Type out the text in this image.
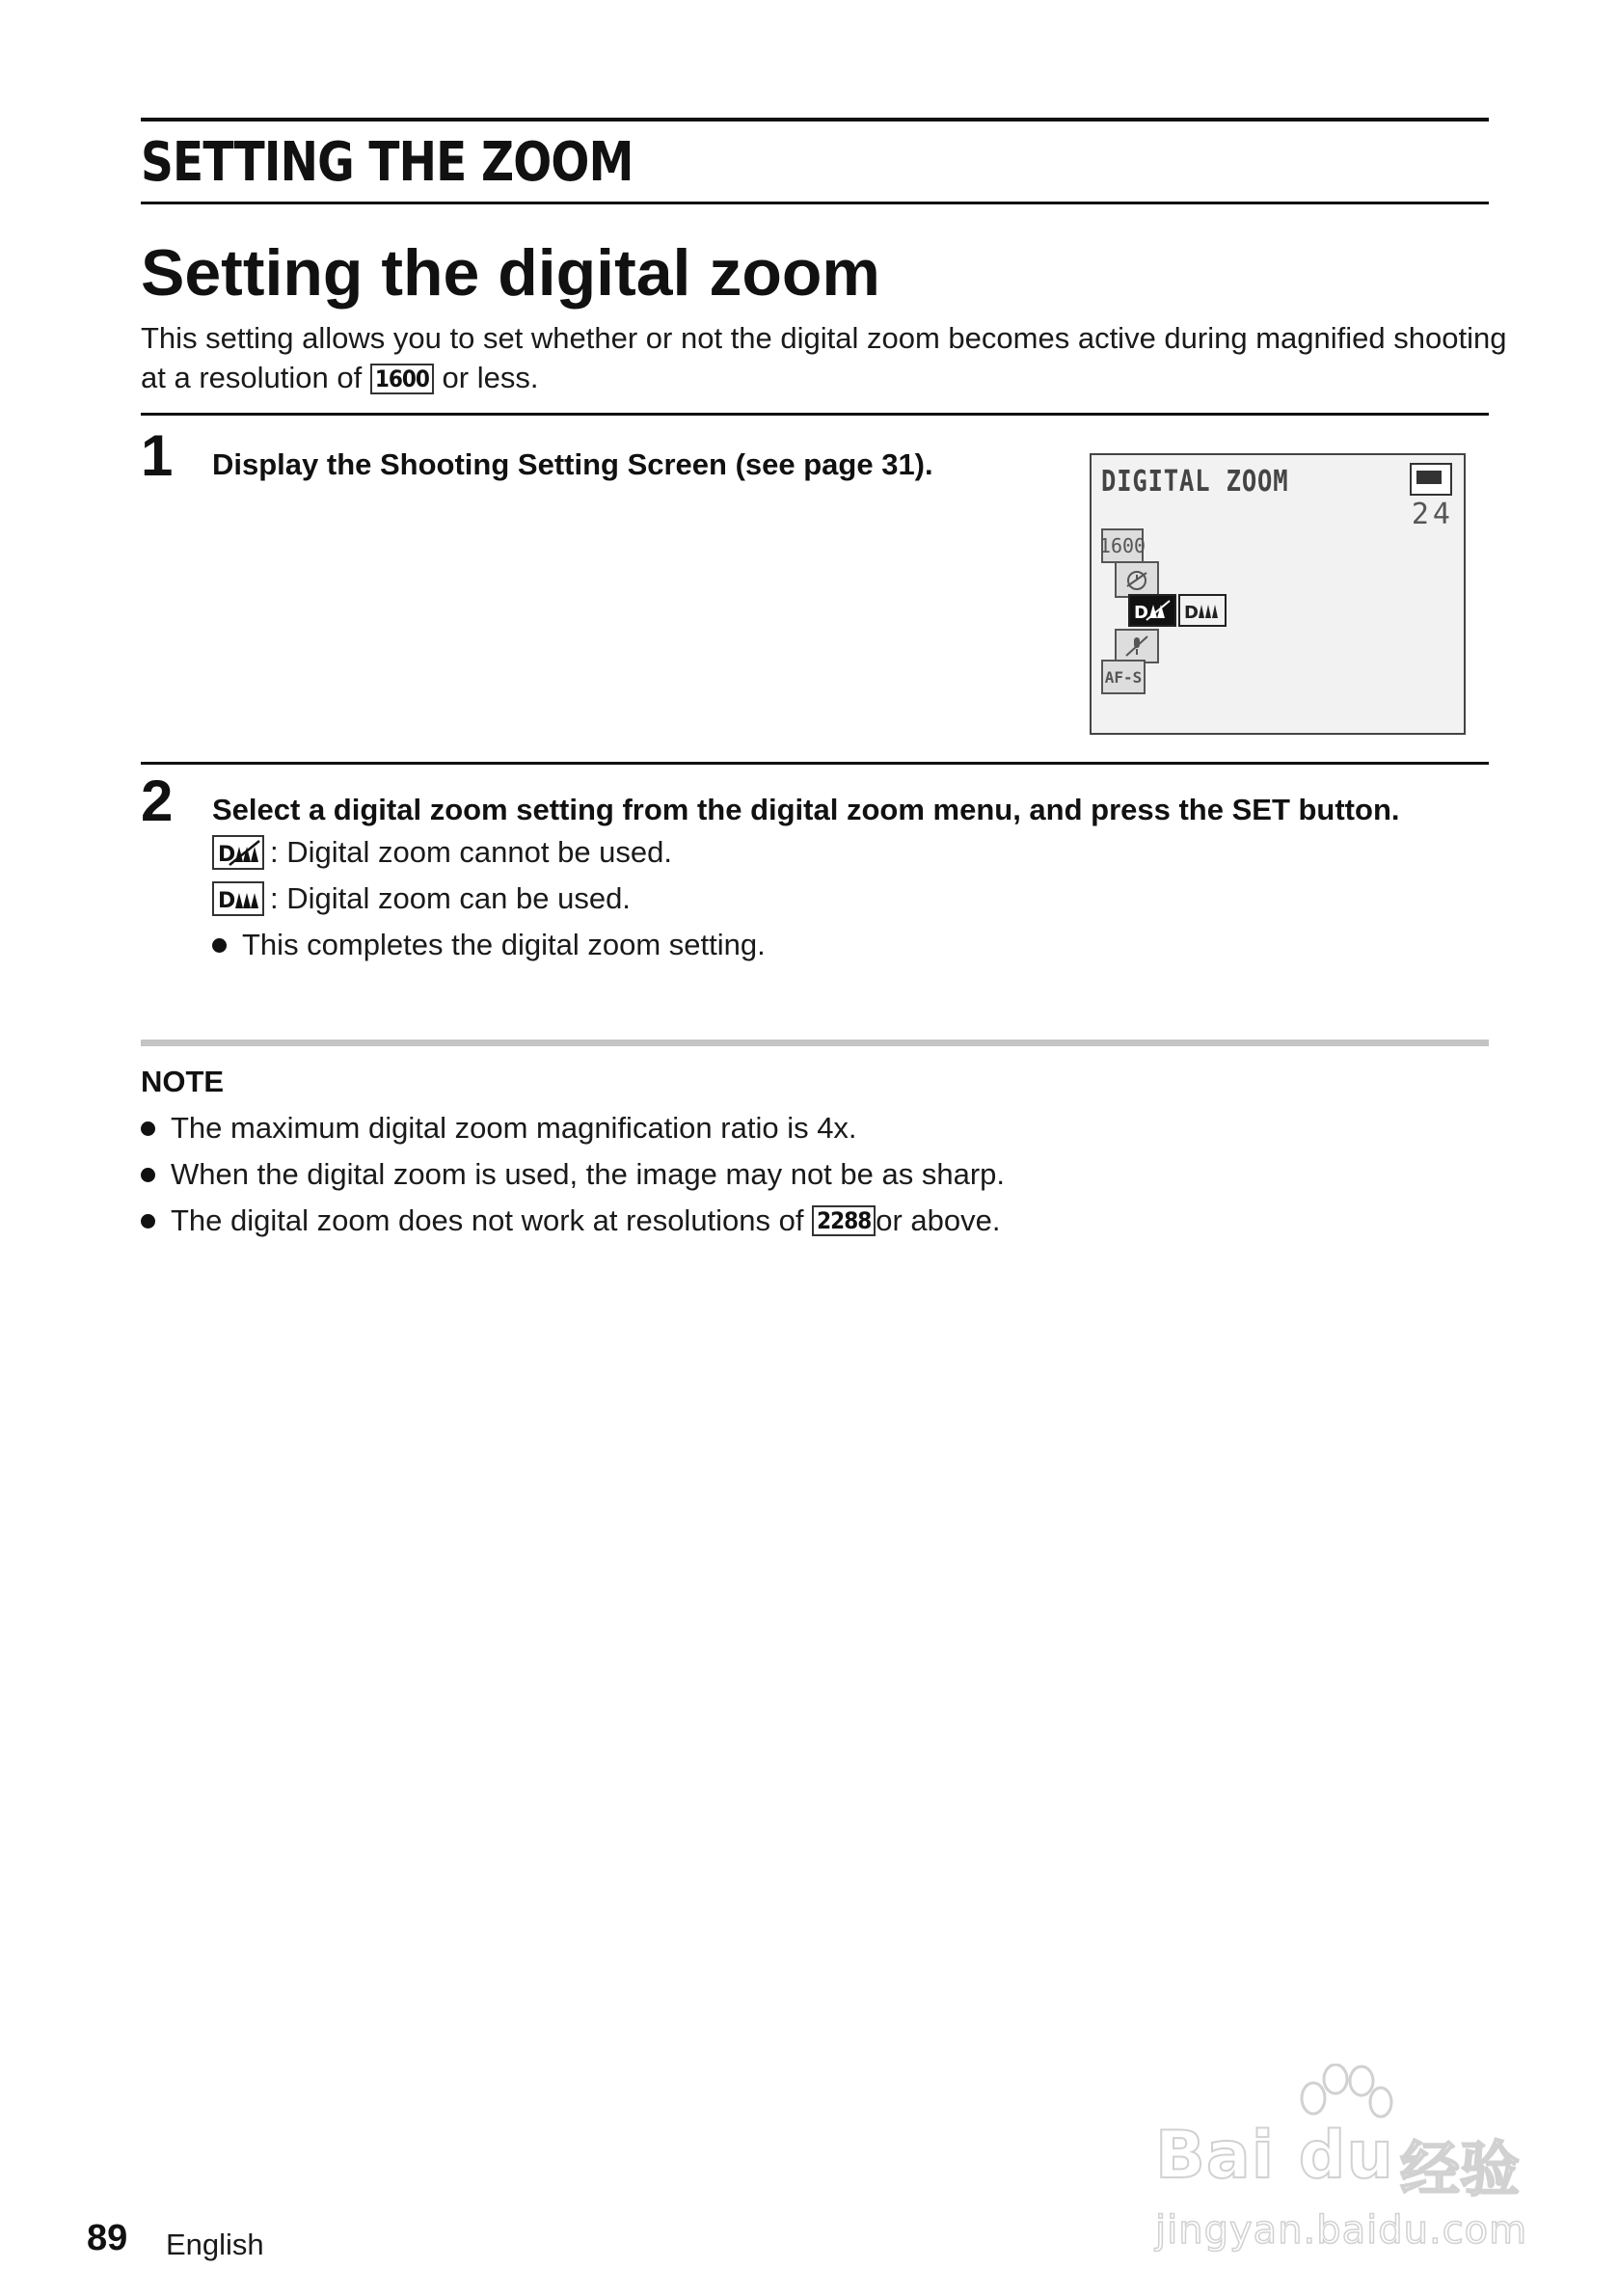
SETTING THE ZOOM
Setting the digital zoom
This setting allows you to set whether or not the digital zoom becomes active during magnified shooting at a resolution of 1600 or less.
1 Display the Shooting Setting Screen (see page 31).
DIGITAL ZOOM
24
1600
D D
AF-S
2 Select a digital zoom setting from the digital zoom menu, and press the SET button.
D : Digital zoom cannot be used.
D : Digital zoom can be used.
This completes the digital zoom setting.
NOTE
The maximum digital zoom magnification ratio is 4x.
When the digital zoom is used, the image may not be as sharp.
The digital zoom does not work at resolutions of
2288 or above.
89 English
Bai du 经验
jingyan.baidu.com
